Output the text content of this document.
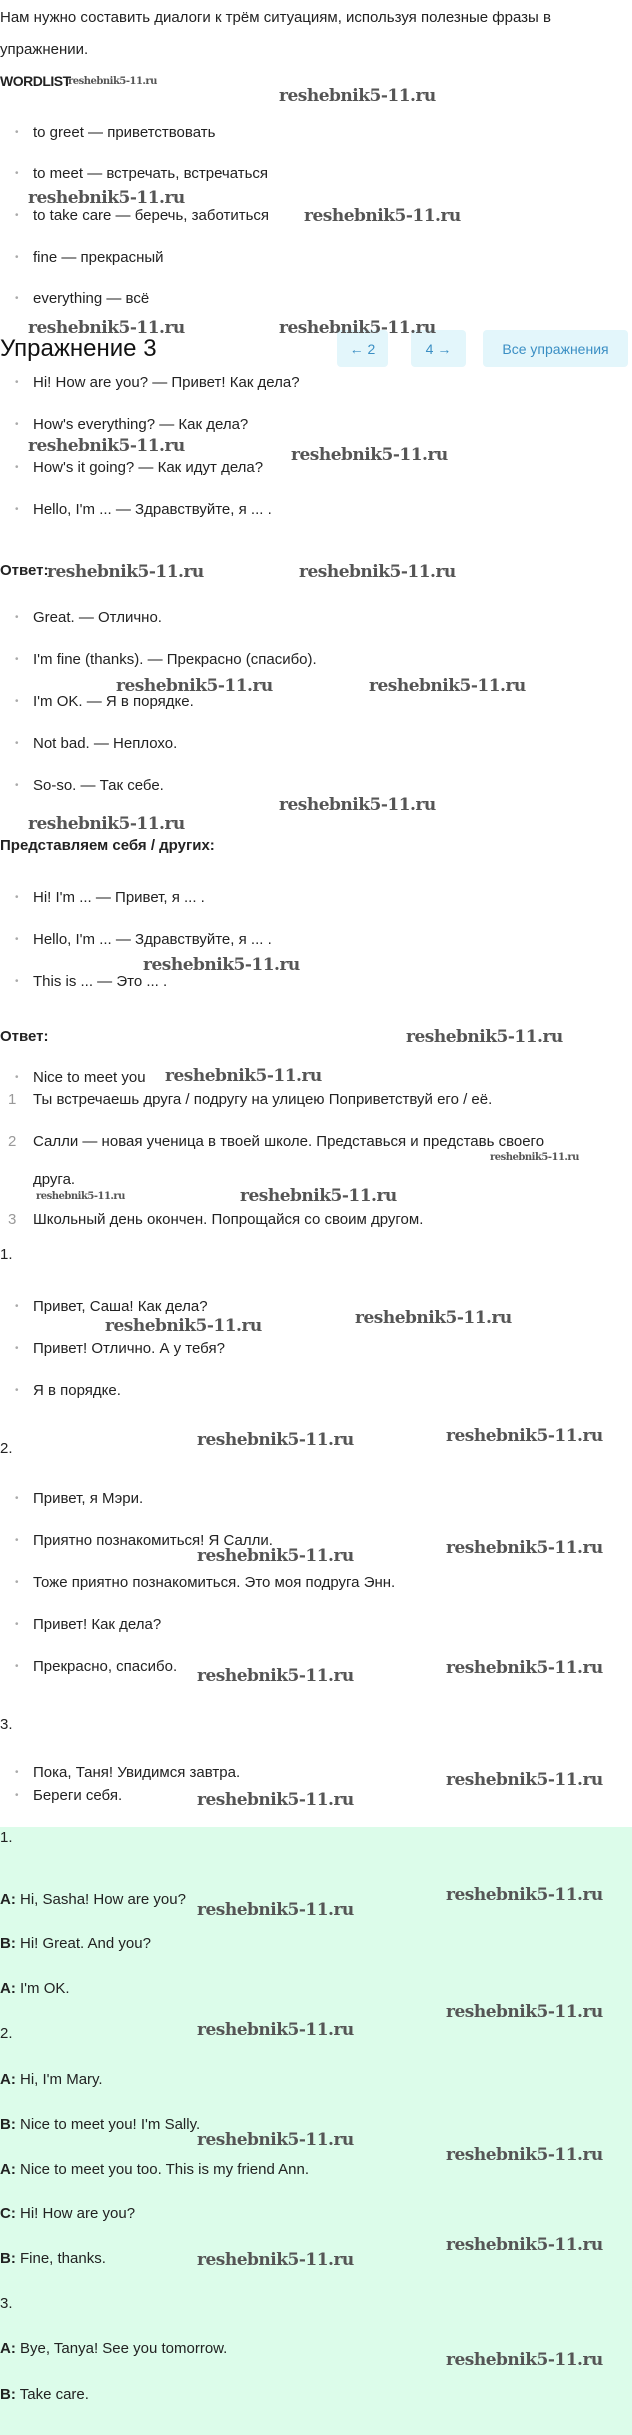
Нам нужно составить диалоги к трём ситуациям, используя полезные фразы в
упражнении.
WORDLIST
to greet — приветствовать
to meet — встречать, встречаться
to take care — беречь, заботиться
fine — прекрасный
everything — всё
Упражнение 3	← 2	4 →	Все упражнения
Hi! How are you? — Привет! Как дела?
How's everything? — Как дела?
How's it going? — Как идут дела?
Hello, I'm ... — Здравствуйте, я ... .
Ответ:
Great. — Отлично.
I'm fine (thanks). — Прекрасно (спасибо).
I'm OK. — Я в порядке.
Not bad. — Неплохо.
So-so. — Так себе.
Представляем себя / других:
Hi! I'm ... — Привет, я ... .
Hello, I'm ... — Здравствуйте, я ... .
This is ... — Это ... .
Ответ:
Nice to meet you
1 Ты встречаешь друга / подругу на улицею Поприветствуй его / её.
2 Салли — новая ученица в твоей школе. Представься и представь своего
друга.
3 Школьный день окончен. Попрощайся со своим другом.
1.
Привет, Саша! Как дела?
Привет! Отлично. А у тебя?
Я в порядке.
2.
Привет, я Мэри.
Приятно познакомиться! Я Салли.
Тоже приятно познакомиться. Это моя подруга Энн.
Привет! Как дела?
Прекрасно, спасибо.
3.
Пока, Таня! Увидимся завтра.
Береги себя.
1.
A: Hi, Sasha! How are you?
B: Hi! Great. And you?
A: I'm OK.
2.
A: Hi, I'm Mary.
B: Nice to meet you! I'm Sally.
A: Nice to meet you too. This is my friend Ann.
C: Hi! How are you?
B: Fine, thanks.
3.
A: Bye, Tanya! See you tomorrow.
B: Take care.
reshebnik5-11.ru
reshebnik5-11.ru
reshebnik5-11.ru
reshebnik5-11.ru
reshebnik5-11.ru	reshebnik5-11.ru
reshebnik5-11.ru	reshebnik5-11.ru
reshebnik5-11.ru	reshebnik5-11.ru
reshebnik5-11.ru	reshebnik5-11.ru
reshebnik5-11.ru
reshebnik5-11.ru
reshebnik5-11.ru
reshebnik5-11.ru
reshebnik5-11.ru
reshebnik5-11.ru
reshebnik5-11.ru	reshebnik5-11.ru
reshebnik5-11.ru	reshebnik5-11.ru
reshebnik5-11.ru	reshebnik5-11.ru
reshebnik5-11.ru	reshebnik5-11.ru
reshebnik5-11.ru	reshebnik5-11.ru
reshebnik5-11.ru
reshebnik5-11.ru
reshebnik5-11.ru
reshebnik5-11.ru
reshebnik5-11.ru
reshebnik5-11.ru
reshebnik5-11.ru
reshebnik5-11.ru
reshebnik5-11.ru
reshebnik5-11.ru
reshebnik5-11.ru
